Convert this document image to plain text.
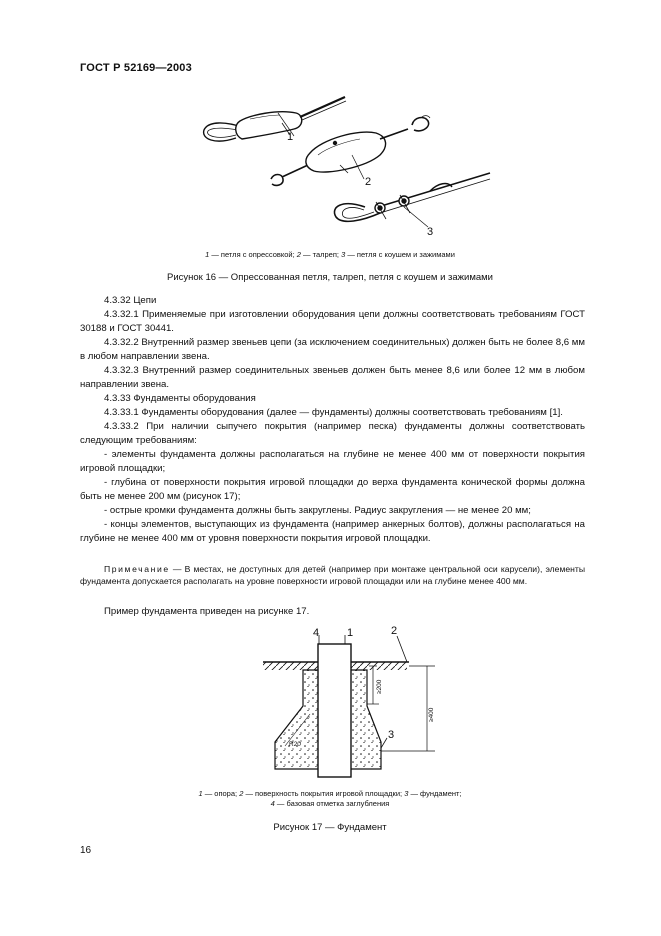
ГОСТ Р 52169—2003
1
2
3
1 — петля с опрессовкой; 2 — талреп; 3 — петля с коушем и зажимами
Рисунок 16 — Опрессованная петля, талреп, петля с коушем и зажимами

4.3.32 Цепи

4.3.32.1 Применяемые при изготовлении оборудования цепи должны соответствовать требованиям ГОСТ 30188 и ГОСТ 30441.

4.3.32.2 Внутренний размер звеньев цепи (за исключением соединительных) должен быть не более 8,6 мм в любом направлении звена.

4.3.32.3 Внутренний размер соединительных звеньев должен быть менее 8,6 или более 12 мм в любом направлении звена.

4.3.33 Фундаменты оборудования

4.3.33.1 Фундаменты оборудования (далее — фундаменты) должны соответствовать требованиям [1].

4.3.33.2 При наличии сыпучего покрытия (например песка) фундаменты должны соответствовать следующим требованиям:

- элементы фундамента должны располагаться на глубине не менее 400 мм от поверхности покрытия игровой площадки;

- глубина от поверхности покрытия игровой площадки до верха фундамента конической формы должна быть не менее 200 мм (рисунок 17);

- острые кромки фундамента должны быть закруглены. Радиус закругления — не менее 20 мм;

- концы элементов, выступающих из фундамента (например анкерных болтов), должны располагаться на глубине не менее 400 мм от уровня поверхности покрытия игровой площадки.

Примечание — В местах, не доступных для детей (например при монтаже центральной оси карусели), элементы фундамента допускается располагать на уровне поверхности игровой площадки или на глубине менее 400 мм.

Пример фундамента приведен на рисунке 17.

4	1	2
3
≥200
≥400
R20
1 — опора; 2 — поверхность покрытия игровой площадки; 3 — фундамент;
4 — базовая отметка заглубления
Рисунок 17 — Фундамент
16
